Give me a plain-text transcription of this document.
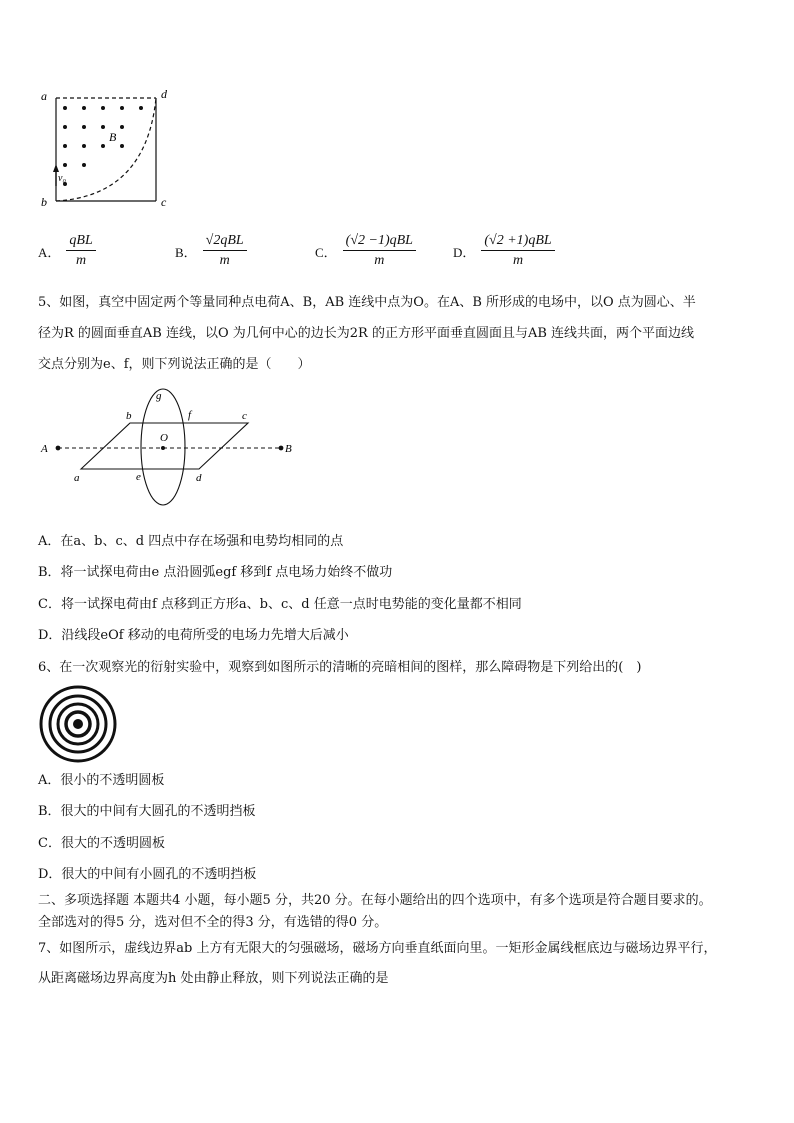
a	d
b	c
B
v₀
A． $\frac{\text{qBL}}{m}$	B． $\frac{\text{√2qBL}}{m}$	C． $\frac{\text{(√2 −1)qBL}}{m}$	D． $\frac{\text{(√2 +1)qBL}}{m}$
5、如图，真空中固定两个等量同种点电荷A、B，AB 连线中点为O。在A、B 所形成的电场中，以O 点为圆心、半
径为R 的圆面垂直AB 连线，以O 为几何中心的边长为2R 的正方形平面垂直圆面且与AB 连线共面，两个平面边线
交点分别为e、f，则下列说法正确的是（　　）
A	B
O
a
b	c
d
e
f
g
A．在a、b、c、d 四点中存在场强和电势均相同的点
B．将一试探电荷由e 点沿圆弧egf 移到f 点电场力始终不做功
C．将一试探电荷由f 点移到正方形a、b、c、d 任意一点时电势能的变化量都不相同
D．沿线段eOf 移动的电荷所受的电场力先增大后减小
6、在一次观察光的衍射实验中，观察到如图所示的清晰的亮暗相间的图样，那么障碍物是下列给出的(　)
A．很小的不透明圆板
B．很大的中间有大圆孔的不透明挡板
C．很大的不透明圆板
D．很大的中间有小圆孔的不透明挡板
二、多项选择题 本题共4 小题，每小题5 分，共20 分。在每小题给出的四个选项中，有多个选项是符合题目要求的。
全部选对的得5 分，选对但不全的得3 分，有选错的得0 分。
7、如图所示，虚线边界ab 上方有无限大的匀强磁场，磁场方向垂直纸面向里。一矩形金属线框底边与磁场边界平行，
从距离磁场边界高度为h 处由静止释放，则下列说法正确的是
